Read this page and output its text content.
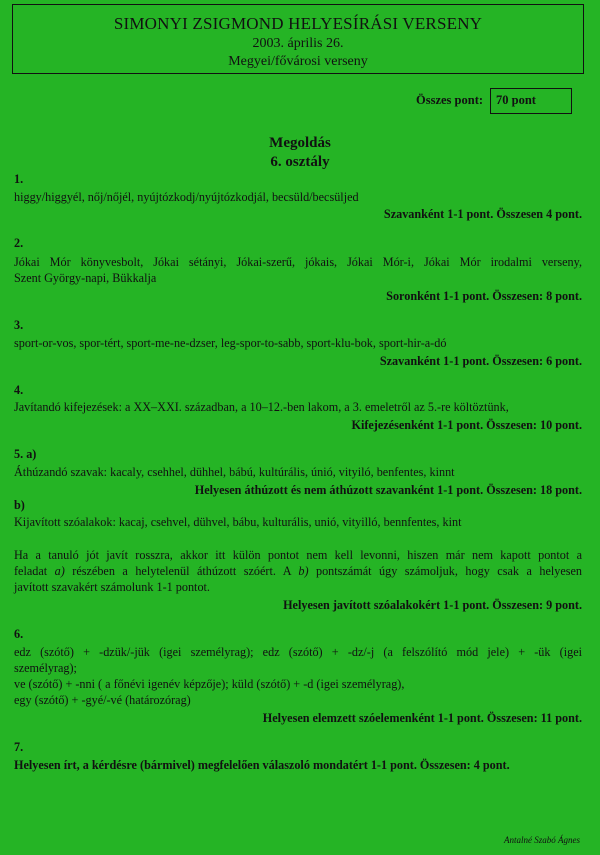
SIMONYI ZSIGMOND HELYESÍRÁSI VERSENY
2003. április 26.
Megyei/fővárosi verseny
Összes pont:	70 pont
Megoldás
6. osztály
1.
higgy/higgyél, nőj/nőjél, nyújtózkodj/nyújtózkodjál, becsüld/becsüljed
Szavanként 1-1 pont. Összesen 4 pont.
2.
Jókai Mór könyvesbolt, Jókai sétányi, Jókai-szerű, jókais, Jókai Mór-i, Jókai Mór irodalmi verseny,
Szent György-napi, Bükkalja
Soronként 1-1 pont. Összesen: 8 pont.
3.
sport-or-vos, spor-tért, sport-me-ne-dzser, leg-spor-to-sabb, sport-klu-bok, sport-hir-a-dó
Szavanként 1-1 pont. Összesen: 6 pont.
4.
Javítandó kifejezések: a XX–XXI. században, a 10–12.-ben lakom, a 3. emeletről az 5.-re költöztünk,
Kifejezésenként 1-1 pont. Összesen: 10 pont.
5. a)
Áthúzandó szavak: kacaly, csehhel, dühhel, bábú, kultúrális, únió, vityiló, benfentes, kinnt
Helyesen áthúzott és nem áthúzott szavanként 1-1 pont. Összesen: 18 pont.
b)
Kijavított szóalakok: kacaj, csehvel, dühvel, bábu, kulturális, unió, vityilló, bennfentes, kint
Ha a tanuló jót javít rosszra, akkor itt külön pontot nem kell levonni, hiszen már nem kapott pontot a
feladat a) részében a helytelenül áthúzott szóért. A b) pontszámát úgy számoljuk, hogy csak a helyesen
javított szavakért számolunk 1-1 pontot.
Helyesen javított szóalakokért 1-1 pont. Összesen: 9 pont.
6.
edz (szótő) + -dzük/-jük (igei személyrag); edz (szótő) + -dz/-j (a felszólító mód jele) + -ük (igei
személyrag);
ve (szótő) + -nni ( a főnévi igenév képzője); küld (szótő) + -d (igei személyrag),
egy (szótő) + -gyé/-vé (határozórag)
Helyesen elemzett szóelemenként 1-1 pont. Összesen: 11 pont.
7.
Helyesen írt, a kérdésre (bármivel) megfelelően válaszoló mondatért 1-1 pont. Összesen: 4 pont.
Antalné Szabó Ágnes
